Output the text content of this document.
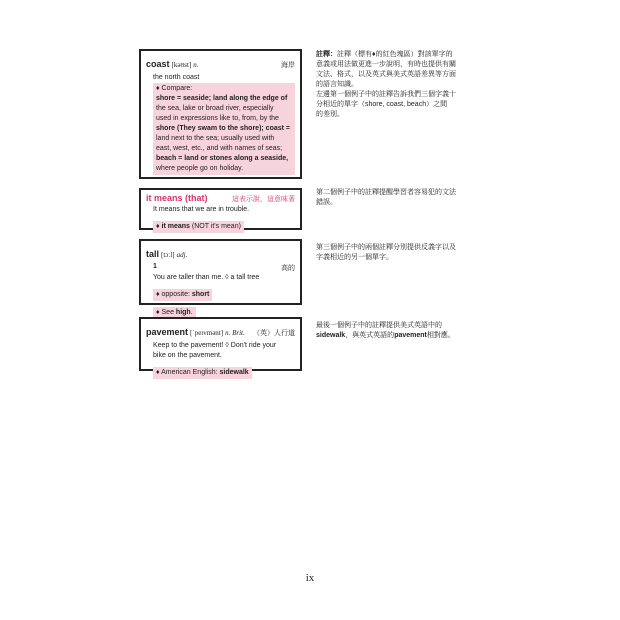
coast [kəʊst] n.	海岸
the north coast
♦ Compare:
shore = seaside; land along the edge of
the sea, lake or broad river, especially
used in expressions like to, from, by the
shore (They swam to the shore); coast =
land next to the sea; usually used with
east, west, etc., and with names of seas;
beach = land or stones along a seaside,
where people go on holiday.
it means (that)	這表示說，這意味著
It means that we are in trouble.
♦ it means (NOT it's mean)
tall [tɔːl] adj.
1	高的
You are taller than me. ◊ a tall tree
♦ opposite: short
♦ See high.
pavement [ˈpeɪvmənt] n. Brit. （英）人行道
Keep to the pavement! ◊ Don't ride your
bike on the pavement.
♦ American English: sidewalk
註釋：註釋（標有♦的紅色塊區）對該單字的
意義或用法做更進一步說明，有時也提供有關
文法、格式，以及英式與美式英語差異等方面
的語言知識。
左邊第一個例子中的註釋告訴我們三個字義十
分相近的單字（shore, coast, beach）之間
的差別。
第二個例子中的註釋提醒學習者容易犯的文法
錯誤。
第三個例子中的兩個註釋分別提供反義字以及
字義相近的另一個單字。
最後一個例子中的註釋提供美式英語中的
sidewalk，與英式英語的pavement相對應。
ix
